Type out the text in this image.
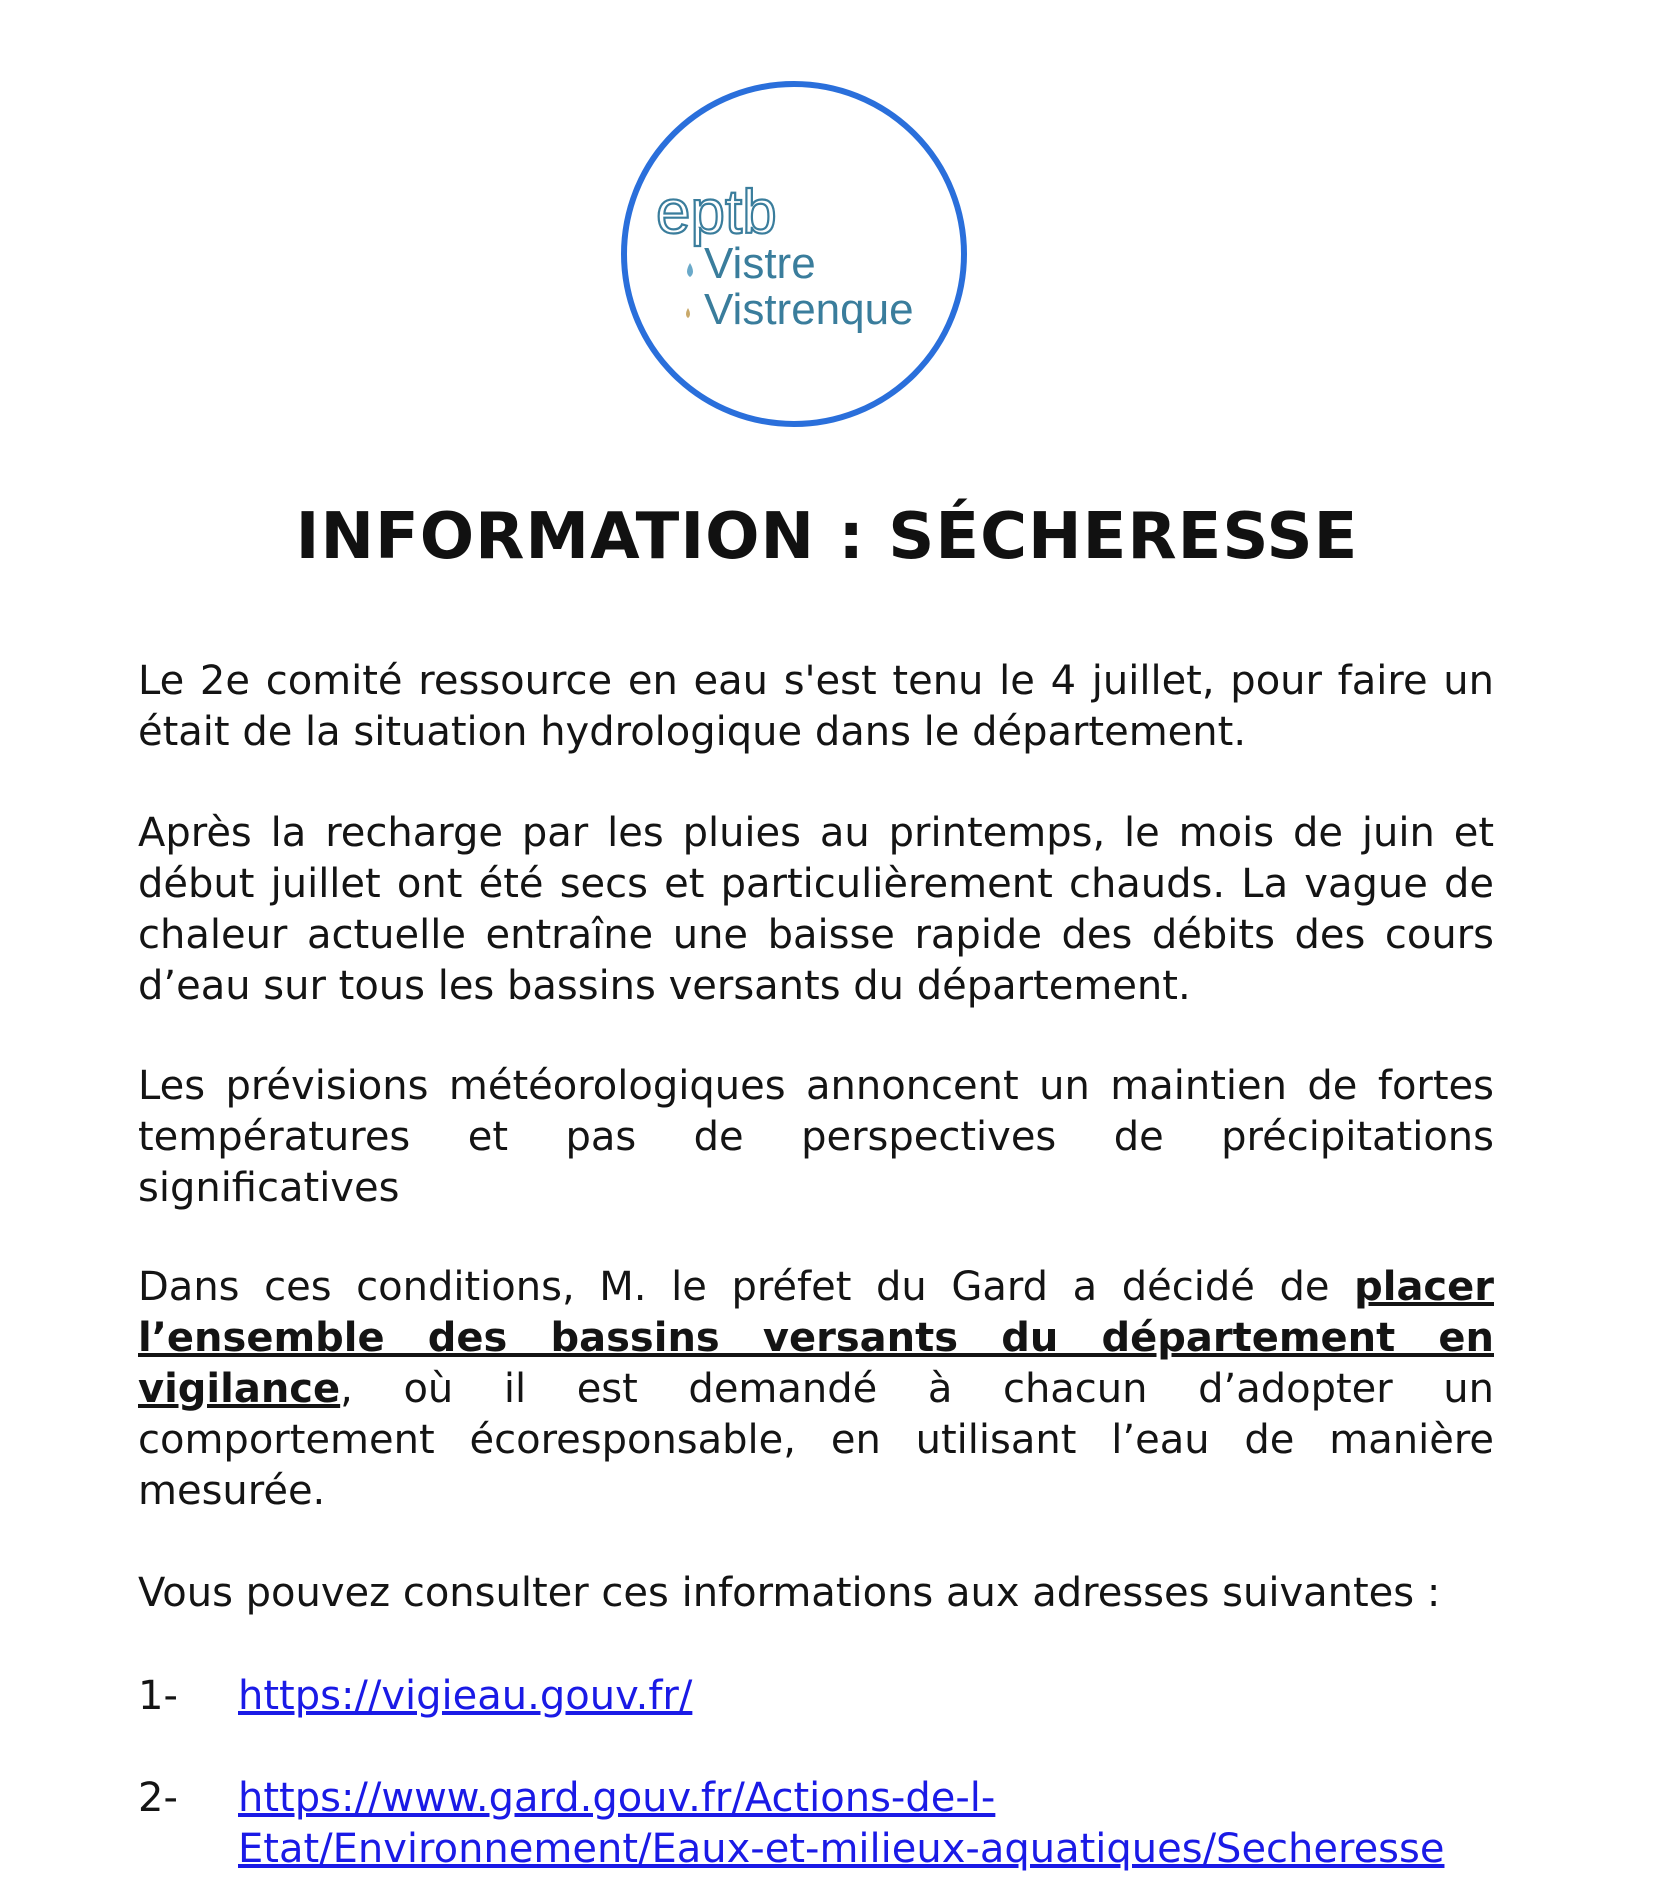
eptb
Vistre
Vistrenque
INFORMATION : SÉCHERESSE
Le 2e comité ressource en eau s'est tenu le 4 juillet, pour faire un était de la situation hydrologique dans le département.
Après la recharge par les pluies au printemps, le mois de juin et début juillet ont été secs et particulièrement chauds. La vague de chaleur actuelle entraîne une baisse rapide des débits des cours d’eau sur tous les bassins versants du département.
Les prévisions météorologiques annoncent un maintien de fortes températures et pas de perspectives de précipitations significatives
Dans ces conditions, M. le préfet du Gard a décidé de placer l’ensemble des bassins versants du département en vigilance, où il est demandé à chacun d’adopter un comportement écoresponsable, en utilisant l’eau de manière mesurée.
Vous pouvez consulter ces informations aux adresses suivantes :
1- https://vigieau.gouv.fr/
2- https://www.gard.gouv.fr/Actions-de-l-
Etat/Environnement/Eaux-et-milieux-aquatiques/Secheresse
